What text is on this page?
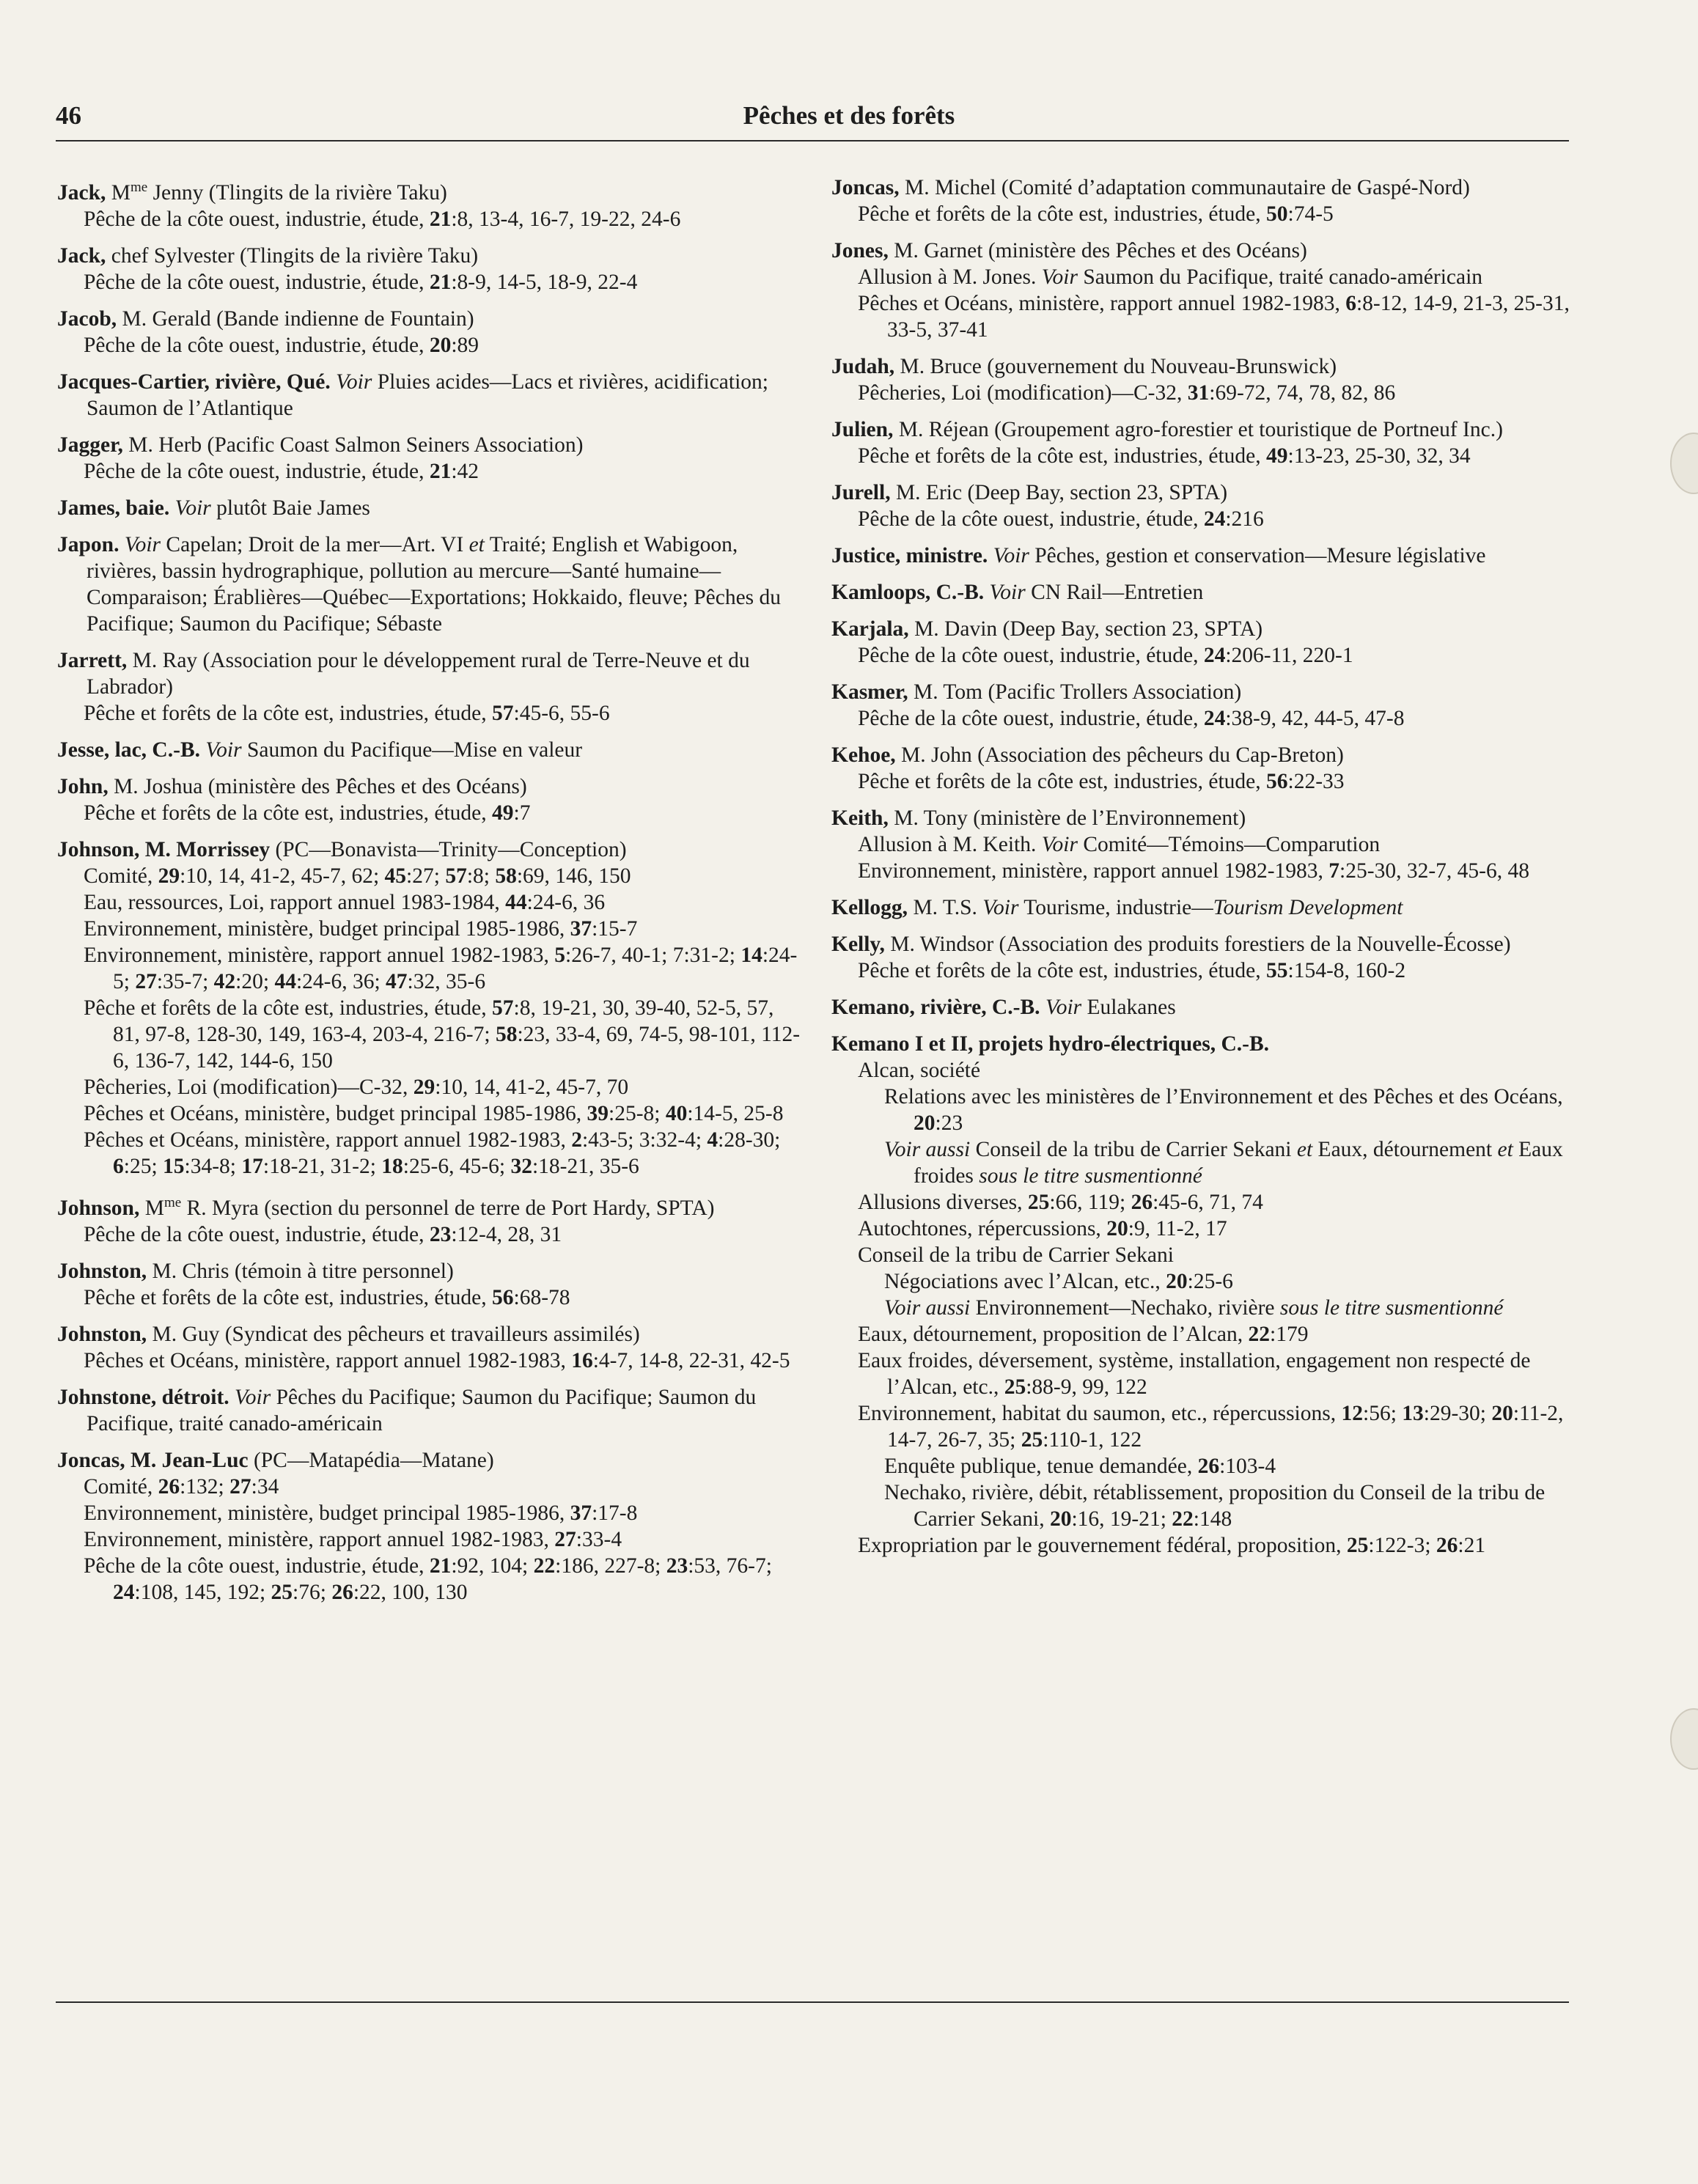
46	Pêches et des forêts
Jack, $M^{me}$ Jenny (Tlingits de la rivière Taku)
Pêche de la côte ouest, industrie, étude, 21:8, 13-4, 16-7, 19-22, 24-6
Jack, chef Sylvester (Tlingits de la rivière Taku)
Pêche de la côte ouest, industrie, étude, 21:8-9, 14-5, 18-9, 22-4
Jacob, M. Gerald (Bande indienne de Fountain)
Pêche de la côte ouest, industrie, étude, 20:89
Jacques-Cartier, rivière, Qué. Voir Pluies acides—Lacs et rivières, acidification; Saumon de l’Atlantique
Jagger, M. Herb (Pacific Coast Salmon Seiners Association)
Pêche de la côte ouest, industrie, étude, 21:42
James, baie. Voir plutôt Baie James
Japon. Voir Capelan; Droit de la mer—Art. VI et Traité; English et Wabigoon, rivières, bassin hydrographique, pollution au mercure—Santé humaine—Comparaison; Érablières—Québec—Exportations; Hokkaido, fleuve; Pêches du Pacifique; Saumon du Pacifique; Sébaste
Jarrett, M. Ray (Association pour le développement rural de Terre-Neuve et du Labrador)
Pêche et forêts de la côte est, industries, étude, 57:45-6, 55-6
Jesse, lac, C.-B. Voir Saumon du Pacifique—Mise en valeur
John, M. Joshua (ministère des Pêches et des Océans)
Pêche et forêts de la côte est, industries, étude, 49:7
Johnson, M. Morrissey (PC—Bonavista—Trinity—Conception)
Comité, 29:10, 14, 41-2, 45-7, 62; 45:27; 57:8; 58:69, 146, 150
Eau, ressources, Loi, rapport annuel 1983-1984, 44:24-6, 36
Environnement, ministère, budget principal 1985-1986, 37:15-7
Environnement, ministère, rapport annuel 1982-1983, 5:26-7, 40-1; 7:31-2; 14:24-5; 27:35-7; 42:20; 44:24-6, 36; 47:32, 35-6
Pêche et forêts de la côte est, industries, étude, 57:8, 19-21, 30, 39-40, 52-5, 57, 81, 97-8, 128-30, 149, 163-4, 203-4, 216-7; 58:23, 33-4, 69, 74-5, 98-101, 112-6, 136-7, 142, 144-6, 150
Pêcheries, Loi (modification)—C-32, 29:10, 14, 41-2, 45-7, 70
Pêches et Océans, ministère, budget principal 1985-1986, 39:25-8; 40:14-5, 25-8
Pêches et Océans, ministère, rapport annuel 1982-1983, 2:43-5; 3:32-4; 4:28-30; 6:25; 15:34-8; 17:18-21, 31-2; 18:25-6, 45-6; 32:18-21, 35-6
Johnson, $M^{me}$ R. Myra (section du personnel de terre de Port Hardy, SPTA)
Pêche de la côte ouest, industrie, étude, 23:12-4, 28, 31
Johnston, M. Chris (témoin à titre personnel)
Pêche et forêts de la côte est, industries, étude, 56:68-78
Johnston, M. Guy (Syndicat des pêcheurs et travailleurs assimilés)
Pêches et Océans, ministère, rapport annuel 1982-1983, 16:4-7, 14-8, 22-31, 42-5
Johnstone, détroit. Voir Pêches du Pacifique; Saumon du Pacifique; Saumon du Pacifique, traité canado-américain
Joncas, M. Jean-Luc (PC—Matapédia—Matane)
Comité, 26:132; 27:34
Environnement, ministère, budget principal 1985-1986, 37:17-8
Environnement, ministère, rapport annuel 1982-1983, 27:33-4
Pêche de la côte ouest, industrie, étude, 21:92, 104; 22:186, 227-8; 23:53, 76-7; 24:108, 145, 192; 25:76; 26:22, 100, 130
Joncas, M. Michel (Comité d’adaptation communautaire de Gaspé-Nord)
Pêche et forêts de la côte est, industries, étude, 50:74-5
Jones, M. Garnet (ministère des Pêches et des Océans)
Allusion à M. Jones. Voir Saumon du Pacifique, traité canado-américain
Pêches et Océans, ministère, rapport annuel 1982-1983, 6:8-12, 14-9, 21-3, 25-31, 33-5, 37-41
Judah, M. Bruce (gouvernement du Nouveau-Brunswick)
Pêcheries, Loi (modification)—C-32, 31:69-72, 74, 78, 82, 86
Julien, M. Réjean (Groupement agro-forestier et touristique de Portneuf Inc.)
Pêche et forêts de la côte est, industries, étude, 49:13-23, 25-30, 32, 34
Jurell, M. Eric (Deep Bay, section 23, SPTA)
Pêche de la côte ouest, industrie, étude, 24:216
Justice, ministre. Voir Pêches, gestion et conservation—Mesure législative
Kamloops, C.-B. Voir CN Rail—Entretien
Karjala, M. Davin (Deep Bay, section 23, SPTA)
Pêche de la côte ouest, industrie, étude, 24:206-11, 220-1
Kasmer, M. Tom (Pacific Trollers Association)
Pêche de la côte ouest, industrie, étude, 24:38-9, 42, 44-5, 47-8
Kehoe, M. John (Association des pêcheurs du Cap-Breton)
Pêche et forêts de la côte est, industries, étude, 56:22-33
Keith, M. Tony (ministère de l’Environnement)
Allusion à M. Keith. Voir Comité—Témoins—Comparution
Environnement, ministère, rapport annuel 1982-1983, 7:25-30, 32-7, 45-6, 48
Kellogg, M. T.S. Voir Tourisme, industrie—Tourism Development
Kelly, M. Windsor (Association des produits forestiers de la Nouvelle-Écosse)
Pêche et forêts de la côte est, industries, étude, 55:154-8, 160-2
Kemano, rivière, C.-B. Voir Eulakanes
Kemano I et II, projets hydro-électriques, C.-B.
Alcan, société
Relations avec les ministères de l’Environnement et des Pêches et des Océans, 20:23
Voir aussi Conseil de la tribu de Carrier Sekani et Eaux, détournement et Eaux froides sous le titre susmentionné
Allusions diverses, 25:66, 119; 26:45-6, 71, 74
Autochtones, répercussions, 20:9, 11-2, 17
Conseil de la tribu de Carrier Sekani
Négociations avec l’Alcan, etc., 20:25-6
Voir aussi Environnement—Nechako, rivière sous le titre susmentionné
Eaux, détournement, proposition de l’Alcan, 22:179
Eaux froides, déversement, système, installation, engagement non respecté de l’Alcan, etc., 25:88-9, 99, 122
Environnement, habitat du saumon, etc., répercussions, 12:56; 13:29-30; 20:11-2, 14-7, 26-7, 35; 25:110-1, 122
Enquête publique, tenue demandée, 26:103-4
Nechako, rivière, débit, rétablissement, proposition du Conseil de la tribu de Carrier Sekani, 20:16, 19-21; 22:148
Expropriation par le gouvernement fédéral, proposition, 25:122-3; 26:21
